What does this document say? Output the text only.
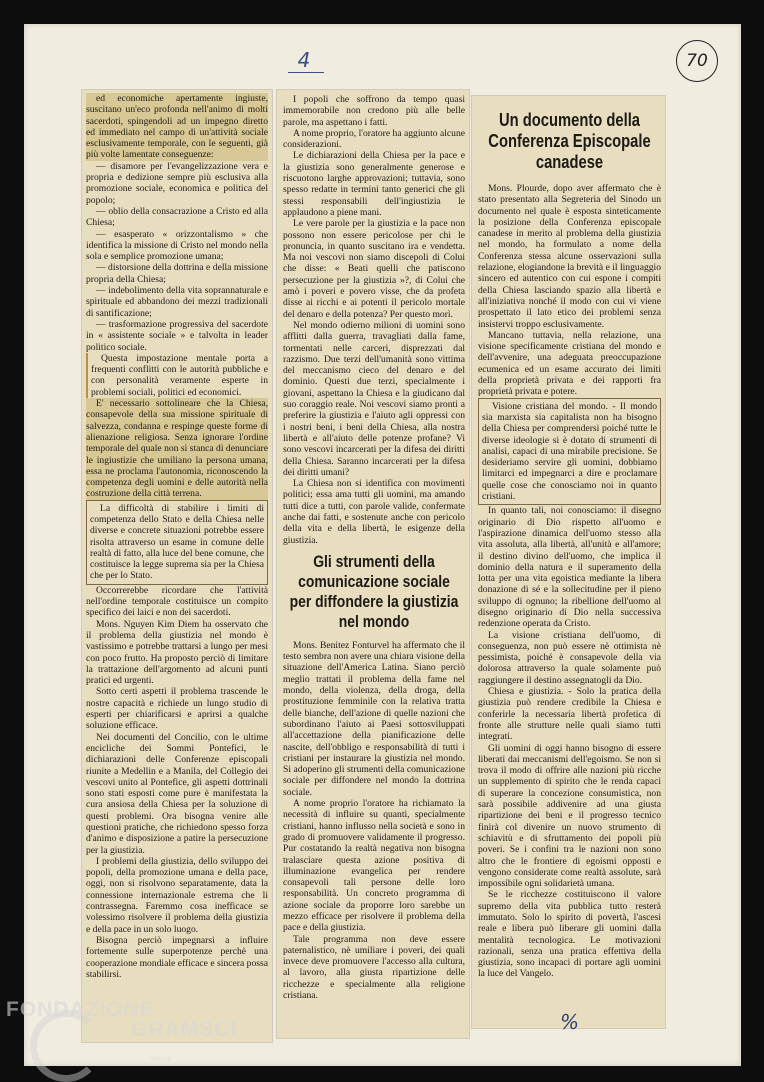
4	70

ed economiche apertamente ingiuste, suscitano un'eco profonda nell'animo di molti sacerdoti, spingendoli ad un impegno diretto ed immediato nel campo di un'attività sociale esclusivamente temporale, con le seguenti, già più volte lamentate conseguenze:

— disamore per l'evangelizzazione vera e propria e dedizione sempre più esclusiva alla promozione sociale, economica e politica del popolo;

— oblio della consacrazione a Cristo ed alla Chiesa;

— esasperato « orizzontalismo » che identifica la missione di Cristo nel mondo nella sola e semplice promozione umana;

— distorsione della dottrina e della missione propria della Chiesa;

— indebolimento della vita soprannaturale e spirituale ed abbandono dei mezzi tradizionali di santificazione;

— trasformazione progressiva del sacerdote in « assistente sociale » e talvolta in leader politico sociale.

Questa impostazione mentale porta a frequenti conflitti con le autorità pubbliche e con personalità veramente esperte in problemi sociali, politici ed economici.

E' necessario sottolineare che la Chiesa, consapevole della sua missione spirituale di salvezza, condanna e respinge queste forme di alienazione religiosa. Senza ignorare l'ordine temporale del quale non si stanca di denunciare le ingiustizie che umiliano la persona umana, essa ne proclama l'autonomia, riconoscendo la competenza degli uomini e delle autorità nella costruzione della città terrena.

La difficoltà di stabilire i limiti di competenza dello Stato e della Chiesa nelle diverse e concrete situazioni potrebbe essere risolta attraverso un esame in comune delle realtà di fatto, alla luce del bene comune, che costituisce la legge suprema sia per la Chiesa che per lo Stato.

Occorrerebbe ricordare che l'attività nell'ordine temporale costituisce un compito specifico dei laici e non dei sacerdoti.

Mons. Nguyen Kim Diem ha osservato che il problema della giustizia nel mondo è vastissimo e potrebbe trattarsi a lungo per mesi con poco frutto. Ha proposto perciò di limitare la trattazione dell'argomento ad alcuni punti pratici ed urgenti.

Sotto certi aspetti il problema trascende le nostre capacità e richiede un lungo studio di esperti per chiarificarsi e aprirsi a qualche soluzione efficace.

Nei documenti del Concilio, con le ultime encicliche dei Sommi Pontefici, le dichiarazioni delle Conferenze episcopali riunite a Medellin e a Manila, del Collegio dei vescovi unito al Pontefice, gli aspetti dottrinali sono stati esposti come pure è manifestata la cura ansiosa della Chiesa per la soluzione di questi problemi. Ora bisogna venire alle questioni pratiche, che richiedono spesso forza d'animo e disposizione a patire la persecuzione per la giustizia.

I problemi della giustizia, dello sviluppo dei popoli, della promozione umana e della pace, oggi, non si risolvono separatamente, data la connessione internazionale estrema che li contrassegna. Faremmo cosa inefficace se volessimo risolvere il problema della giustizia e della pace in un solo luogo.

Bisogna perciò impegnarsi a influire fortemente sulle superpotenze perchè una cooperazione mondiale efficace e sincera possa stabilirsi.

I popoli che soffrono da tempo quasi immemorabile non credono più alle belle parole, ma aspettano i fatti.

A nome proprio, l'oratore ha aggiunto alcune considerazioni.

Le dichiarazioni della Chiesa per la pace e la giustizia sono generalmente generose e riscuotono larghe approvazioni; tuttavia, sono spesso redatte in termini tanto generici che gli stessi responsabili dell'ingiustizia le applaudono a piene mani.

Le vere parole per la giustizia e la pace non possono non essere pericolose per chi le pronuncia, in quanto suscitano ira e vendetta. Ma noi vescovi non siamo discepoli di Colui che disse: « Beati quelli che patiscono persecuzione per la giustizia »?, di Colui che amò i poveri e povero visse, che da profeta disse ai ricchi e ai potenti il pericolo mortale del denaro e della potenza? Per questo morì.

Nel mondo odierno milioni di uomini sono afflitti dalla guerra, travagliati dalla fame, tormentati nelle carceri, disprezzati dal razzismo. Due terzi dell'umanità sono vittima del meccanismo cieco del denaro e del dominio. Questi due terzi, specialmente i giovani, aspettano la Chiesa e la giudicano dal suo coraggio reale. Noi vescovi siamo pronti a preferire la giustizia e l'aiuto agli oppressi con i nostri beni, i beni della Chiesa, alla nostra libertà e all'aiuto delle potenze profane? Vi sono vescovi incarcerati per la difesa dei diritti della Chiesa. Saranno incarcerati per la difesa dei diritti umani?

La Chiesa non si identifica con movimenti politici; essa ama tutti gli uomini, ma amando tutti dice a tutti, con parole valide, confermate anche dai fatti, e sostenute anche con pericolo della vita e della libertà, le esigenze della giustizia.

Gli strumenti della comunicazione sociale per diffondere la giustizia nel mondo

Mons. Benitez Fonturvel ha affermato che il testo sembra non avere una chiara visione della situazione dell'America Latina. Siano perciò meglio trattati il problema della fame nel mondo, della violenza, della droga, della prostituzione femminile con la relativa tratta delle bianche, dell'azione di quelle nazioni che subordinano l'aiuto ai Paesi sottosviluppati all'accettazione della pianificazione delle nascite, dell'obbligo e responsabilità di tutti i cristiani per instaurare la giustizia nel mondo. Si adoperino gli strumenti della comunicazione sociale per diffondere nel mondo la dottrina sociale.

A nome proprio l'oratore ha richiamato la necessità di influire su quanti, specialmente cristiani, hanno influsso nella società e sono in grado di promuovere validamente il progresso. Pur costatando la realtà negativa non bisogna tralasciare questa azione positiva di illuminazione evangelica per rendere consapevoli tali persone delle loro responsabilità. Un concreto programma di azione sociale da proporre loro sarebbe un mezzo efficace per risolvere il problema della pace e della giustizia.

Tale programma non deve essere paternalistico, nè umiliare i poveri, dei quali invece deve promuovere l'accesso alla cultura, al lavoro, alla giusta ripartizione delle ricchezze e specialmente alla religione cristiana.

Un documento della Conferenza Episcopale canadese

Mons. Plourde, dopo aver affermato che è stato presentato alla Segreteria del Sinodo un documento nel quale è esposta sinteticamente la posizione della Conferenza episcopale canadese in merito al problema della giustizia nel mondo, ha formulato a nome della Conferenza stessa alcune osservazioni sulla relazione, elogiandone la brevità e il linguaggio sincero ed autentico con cui espone i compiti della Chiesa lasciando spazio alla libertà e all'iniziativa nonché il modo con cui vi viene prospettato il lato etico dei problemi senza insistervi troppo esclusivamente.

Mancano tuttavia, nella relazione, una visione specificamente cristiana del mondo e dell'avvenire, una adeguata preoccupazione ecumenica ed un esame accurato dei limiti della proprietà privata e dei rapporti fra proprietà privata e potere.

Visione cristiana del mondo. - Il mondo sia marxista sia capitalista non ha bisogno della Chiesa per comprendersi poiché tutte le diverse ideologie si è dotato di strumenti di analisi, capaci di una mirabile precisione. Se desideriamo servire gli uomini, dobbiamo limitarci ed impegnarci a dire e proclamare quelle cose che conosciamo noi in quanto cristiani.

In quanto tali, noi conosciamo: il disegno originario di Dio rispetto all'uomo e l'aspirazione dinamica dell'uomo stesso alla vita assoluta, alla libertà, all'unità e all'amore; il destino divino dell'uomo, che implica il dominio della natura e il superamento della lotta per una vita egoistica mediante la libera donazione di sé e la sollecitudine per il pieno sviluppo di ognuno; la ribellione dell'uomo al disegno originario di Dio nella successiva redenzione operata da Cristo.

La visione cristiana dell'uomo, di conseguenza, non può essere nè ottimista nè pessimista, poiché è consapevole della via dolorosa attraverso la quale solamente può raggiungere il destino assegnatogli da Dio.

Chiesa e giustizia. - Solo la pratica della giustizia può rendere credibile la Chiesa e conferirle la necessaria libertà profetica di fronte alle strutture nelle quali siamo tutti integrati.

Gli uomini di oggi hanno bisogno di essere liberati dai meccanismi dell'egoismo. Se non si trova il modo di offrire alle nazioni più ricche un supplemento di spirito che le renda capaci di superare la concezione consumistica, non sarà possibile addivenire ad una giusta ripartizione dei beni e il progresso tecnico finirà col divenire un nuovo strumento di schiavitù e di sfruttamento dei popoli più poveri. Se i confini tra le nazioni non sono altro che le frontiere di egoismi opposti e vengono considerate come realtà assolute, sarà impossibile ogni solidarietà umana.

Se le ricchezze costituiscono il valore supremo della vita pubblica tutto resterà immutato. Solo lo spirito di povertà, l'ascesi reale e libera può liberare gli uomini dalla mentalità tecnologica. Le motivazioni razionali, senza una pratica effettiva della giustizia, sono incapaci di portare agli uomini la luce del Vangelo.

%
FONDAZIONE
GRAMSCI
onlus
